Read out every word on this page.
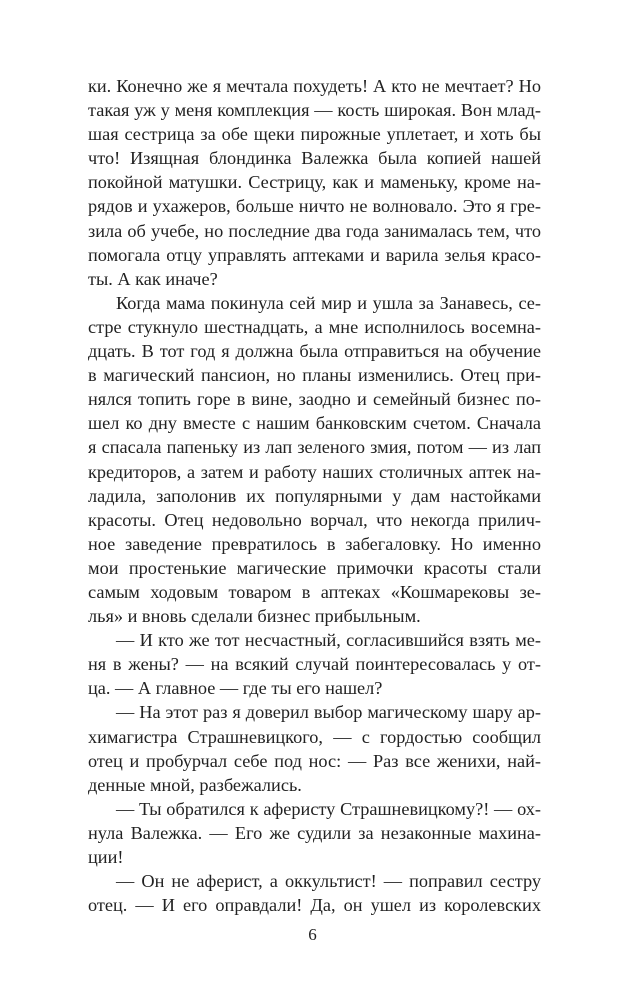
ки. Конечно же я мечтала похудеть! А кто не мечтает? Но
такая уж у меня комплекция — кость широкая. Вон млад-
шая сестрица за обе щеки пирожные уплетает, и хоть бы
что! Изящная блондинка Валежка была копией нашей
покойной матушки. Сестрицу, как и маменьку, кроме на-
рядов и ухажеров, больше ничто не волновало. Это я гре-
зила об учебе, но последние два года занималась тем, что
помогала отцу управлять аптеками и варила зелья красо-
ты. А как иначе?
Когда мама покинула сей мир и ушла за Занавесь, се-
стре стукнуло шестнадцать, а мне исполнилось восемна-
дцать. В тот год я должна была отправиться на обучение
в магический пансион, но планы изменились. Отец при-
нялся топить горе в вине, заодно и семейный бизнес по-
шел ко дну вместе с нашим банковским счетом. Сначала
я спасала папеньку из лап зеленого змия, потом — из лап
кредиторов, а затем и работу наших столичных аптек на-
ладила, заполонив их популярными у дам настойками
красоты. Отец недовольно ворчал, что некогда прилич-
ное заведение превратилось в забегаловку. Но именно
мои простенькие магические примочки красоты стали
самым ходовым товаром в аптеках «Кошмарековы зе-
лья» и вновь сделали бизнес прибыльным.
— И кто же тот несчастный, согласившийся взять ме-
ня в жены? — на всякий случай поинтересовалась у от-
ца. — А главное — где ты его нашел?
— На этот раз я доверил выбор магическому шару ар-
химагистра Страшневицкого, — с гордостью сообщил
отец и пробурчал себе под нос: — Раз все женихи, най-
денные мной, разбежались.
— Ты обратился к аферисту Страшневицкому?! — ох-
нула Валежка. — Его же судили за незаконные махина-
ции!
— Он не аферист, а оккультист! — поправил сестру
отец. — И его оправдали! Да, он ушел из королевских
6
